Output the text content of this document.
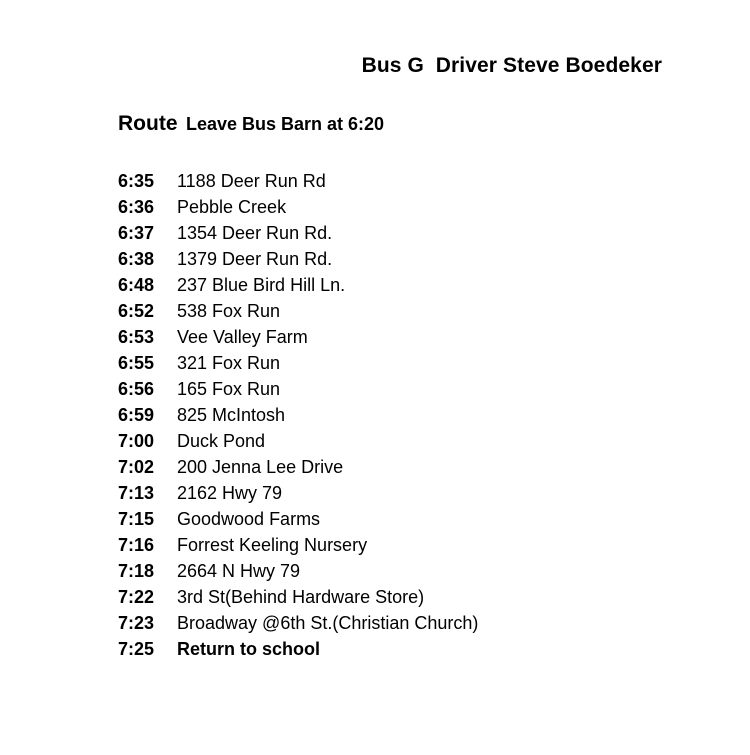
Bus G  Driver Steve Boedeker
Route Leave Bus Barn at 6:20
6:35	1188 Deer Run Rd
6:36	Pebble Creek
6:37	1354 Deer Run Rd.
6:38	1379 Deer Run Rd.
6:48	237 Blue Bird Hill Ln.
6:52	538 Fox Run
6:53	Vee Valley Farm
6:55	321 Fox Run
6:56	165 Fox Run
6:59	825 McIntosh
7:00	Duck Pond
7:02	200 Jenna Lee Drive
7:13	2162 Hwy 79
7:15	Goodwood Farms
7:16	Forrest Keeling Nursery
7:18	2664 N Hwy 79
7:22	3rd St(Behind Hardware Store)
7:23	Broadway @6th St.(Christian Church)
7:25	Return to school
